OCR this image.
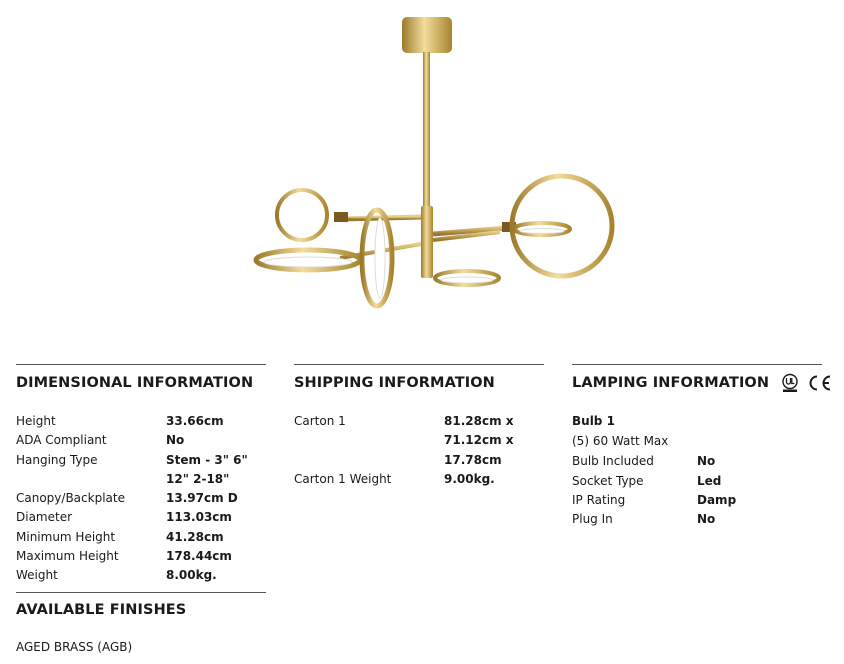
DIMENSIONAL INFORMATION
Height	33.66cm
ADA Compliant	No
Hanging Type	Stem - 3" 6" 12" 2-18"
Canopy/Backplate	13.97cm D
Diameter	113.03cm
Minimum Height	41.28cm
Maximum Height	178.44cm
Weight	8.00kg.
SHIPPING INFORMATION
Carton 1	81.28cm x 71.12cm x 17.78cm
Carton 1 Weight	9.00kg.
LAMPING INFORMATION
Bulb 1
(5) 60 Watt Max
Bulb Included	No
Socket Type	Led
IP Rating	Damp
Plug In	No
AVAILABLE FINISHES
AGED BRASS (AGB)
